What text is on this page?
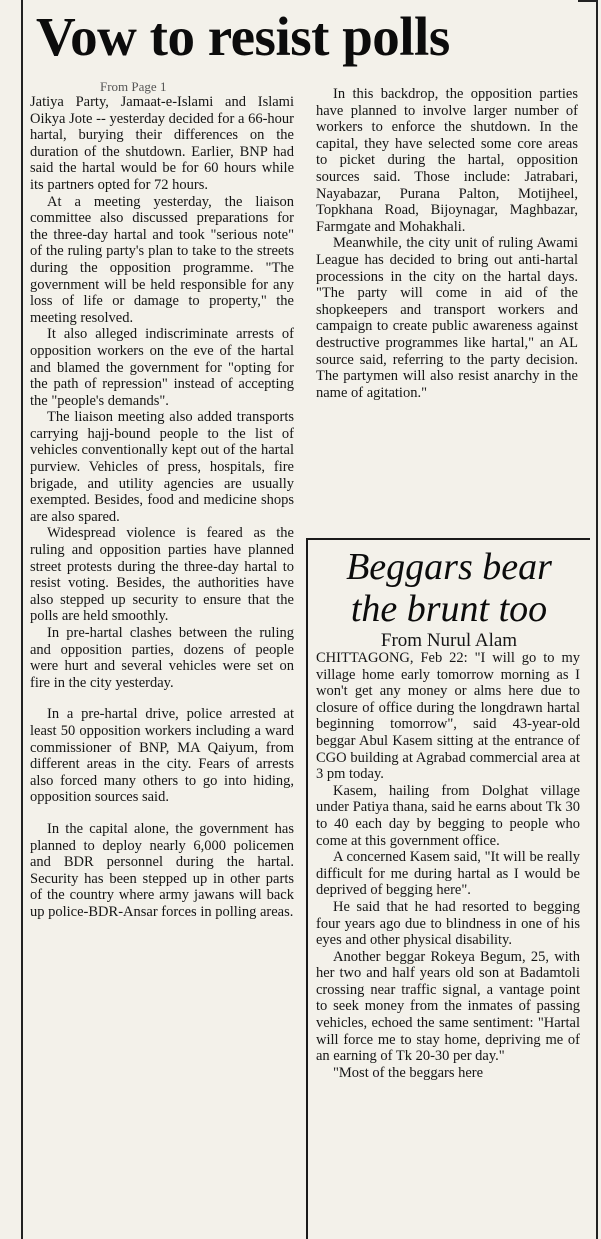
Vow to resist polls
From Page 1

Jatiya Party, Jamaat-e-Islami and Islami Oikya Jote -- yesterday decided for a 66-hour hartal, burying their differences on the duration of the shutdown. Earlier, BNP had said the hartal would be for 60 hours while its partners opted for 72 hours.

At a meeting yesterday, the liaison committee also discussed preparations for the three-day hartal and took "serious note" of the ruling party's plan to take to the streets during the opposition programme. "The government will be held responsible for any loss of life or damage to property," the meeting resolved.

It also alleged indiscriminate arrests of opposition workers on the eve of the hartal and blamed the government for "opting for the path of repression" instead of accepting the "people's demands".

The liaison meeting also added transports carrying hajj-bound people to the list of vehicles conventionally kept out of the hartal purview. Vehicles of press, hospitals, fire brigade, and utility agencies are usually exempted. Besides, food and medicine shops are also spared.

Widespread violence is feared as the ruling and opposition parties have planned street protests during the three-day hartal to resist voting. Besides, the authorities have also stepped up security to ensure that the polls are held smoothly.

In pre-hartal clashes between the ruling and opposition parties, dozens of people were hurt and several vehicles were set on fire in the city yesterday.

In a pre-hartal drive, police arrested at least 50 opposition workers including a ward commissioner of BNP, MA Qaiyum, from different areas in the city. Fears of arrests also forced many others to go into hiding, opposition sources said.

In the capital alone, the government has planned to deploy nearly 6,000 policemen and BDR personnel during the hartal. Security has been stepped up in other parts of the country where army jawans will back up police-BDR-Ansar forces in polling areas.

In this backdrop, the opposition parties have planned to involve larger number of workers to enforce the shutdown. In the capital, they have selected some core areas to picket during the hartal, opposition sources said. Those include: Jatrabari, Nayabazar, Purana Palton, Motijheel, Topkhana Road, Bijoynagar, Maghbazar, Farmgate and Mohakhali.

Meanwhile, the city unit of ruling Awami League has decided to bring out anti-hartal processions in the city on the hartal days. "The party will come in aid of the shopkeepers and transport workers and campaign to create public awareness against destructive programmes like hartal," an AL source said, referring to the party decision. The partymen will also resist anarchy in the name of agitation."

Beggars bear
the brunt too
From Nurul Alam

CHITTAGONG, Feb 22: "I will go to my village home early tomorrow morning as I won't get any money or alms here due to closure of office during the longdrawn hartal beginning tomorrow", said 43-year-old beggar Abul Kasem sitting at the entrance of CGO building at Agrabad commercial area at 3 pm today.

Kasem, hailing from Dolghat village under Patiya thana, said he earns about Tk 30 to 40 each day by begging to people who come at this government office.

A concerned Kasem said, "It will be really difficult for me during hartal as I would be deprived of begging here".

He said that he had resorted to begging four years ago due to blindness in one of his eyes and other physical disability.

Another beggar Rokeya Begum, 25, with her two and half years old son at Badamtoli crossing near traffic signal, a vantage point to seek money from the inmates of passing vehicles, echoed the same sentiment: "Hartal will force me to stay home, depriving me of an earning of Tk 20-30 per day."

"Most of the beggars here
